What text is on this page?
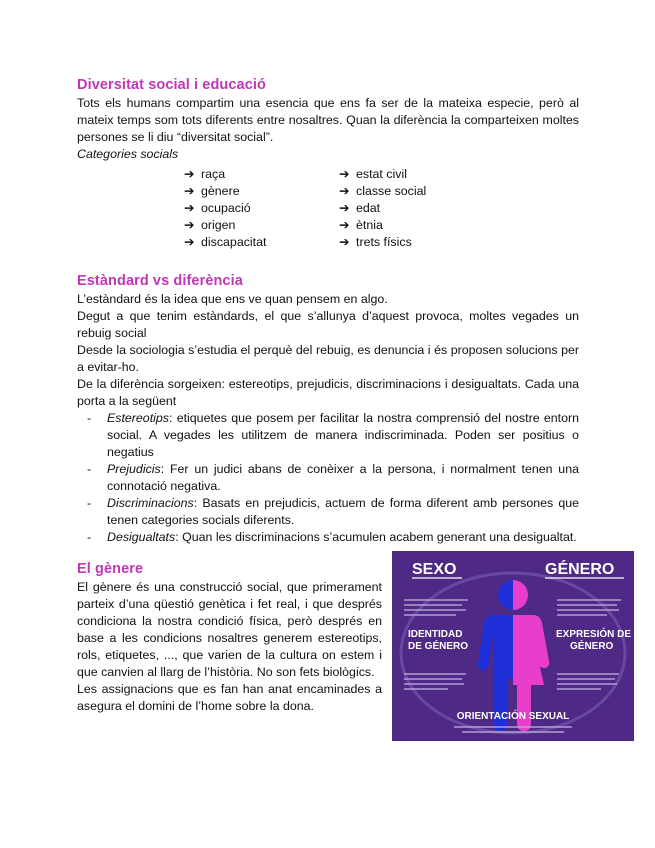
Diversitat social i educació

Tots els humans compartim una esencia que ens fa ser de la mateixa especie, però al mateix temps som tots diferents entre nosaltres. Quan la diferència la comparteixen moltes persones se li diu “diversitat social”.

Categories socials

➔ raça
➔ gènere
➔ ocupació
➔ origen
➔ discapacitat
➔ estat civil
➔ classe social
➔ edat
➔ ètnia
➔ trets físics
Estàndard vs diferència

L’estàndard és la idea que ens ve quan pensem en algo.

Degut a que tenim estàndards, el que s’allunya d’aquest provoca, moltes vegades un rebuig social

Desde la sociologia s’estudia el perquè del rebuig, es denuncia i és proposen solucions per a evitar-ho.

De la diferència sorgeixen: estereotips, prejudicis, discriminacions i desigualtats. Cada una porta a la següent

- Estereotips: etiquetes que posem per facilitar la nostra comprensió del nostre entorn social. A vegades les utilitzem de manera indiscriminada. Poden ser positius o negatius
- Prejudicis: Fer un judici abans de conèixer a la persona, i normalment tenen una connotació negativa.
- Discriminacions: Basats en prejudicis, actuem de forma diferent amb persones que tenen categories socials diferents.
- Desigualtats: Quan les discriminacions s’acumulen acabem generant una desigualtat.
El gènere

El gènere és una construcció social, que primerament parteix d’una qüestió genètica i fet real, i que després condiciona la nostra condició física, però després en base a les condicions nosaltres generem estereotips, rols, etiquetes, ..., que varien de la cultura on estem i que canvien al llarg de l’història. No son fets biològics.

Les assignacions que es fan han anat encaminades a asegura el domini de l’home sobre la dona.

SEXO	GÉNERO
IDENTIDAD
DE GÉNERO
EXPRESIÓN DE
GÉNERO
ORIENTACIÓN SEXUAL
